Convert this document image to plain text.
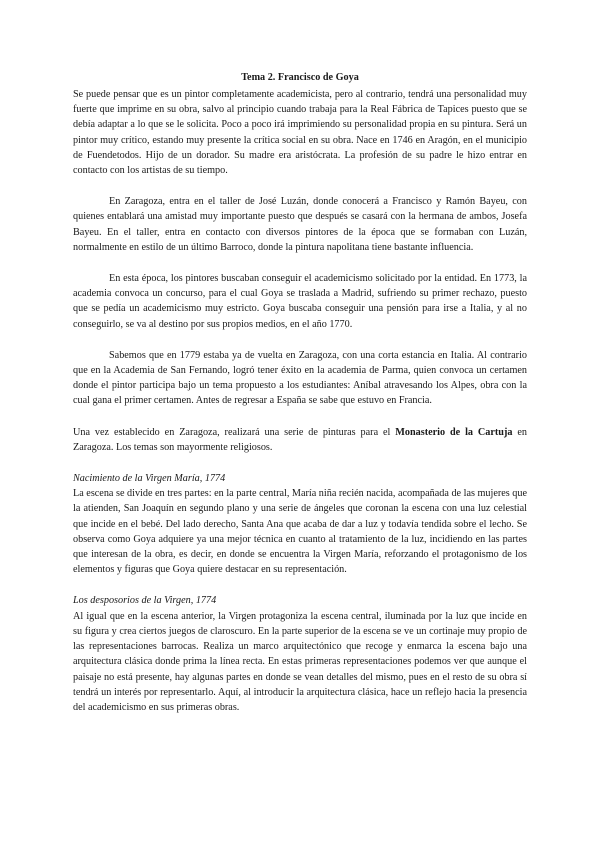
Tema 2. Francisco de Goya

Se puede pensar que es un pintor completamente academicista, pero al contrario, tendrá una personalidad muy fuerte que imprime en su obra, salvo al principio cuando trabaja para la Real Fábrica de Tapices puesto que se debía adaptar a lo que se le solicita. Poco a poco irá imprimiendo su personalidad propia en su pintura. Será un pintor muy crítico, estando muy presente la crítica social en su obra. Nace en 1746 en Aragón, en el municipio de Fuendetodos. Hijo de un dorador. Su madre era aristócrata. La profesión de su padre le hizo entrar en contacto con los artistas de su tiempo.

En Zaragoza, entra en el taller de José Luzán, donde conocerá a Francisco y Ramón Bayeu, con quienes entablará una amistad muy importante puesto que después se casará con la hermana de ambos, Josefa Bayeu. En el taller, entra en contacto con diversos pintores de la época que se formaban con Luzán, normalmente en estilo de un último Barroco, donde la pintura napolitana tiene bastante influencia.

En esta época, los pintores buscaban conseguir el academicismo solicitado por la entidad. En 1773, la academia convoca un concurso, para el cual Goya se traslada a Madrid, sufriendo su primer rechazo, puesto que se pedía un academicismo muy estricto. Goya buscaba conseguir una pensión para irse a Italia, y al no conseguirlo, se va al destino por sus propios medios, en el año 1770.

Sabemos que en 1779 estaba ya de vuelta en Zaragoza, con una corta estancia en Italia. Al contrario que en la Academia de San Fernando, logró tener éxito en la academia de Parma, quien convoca un certamen donde el pintor participa bajo un tema propuesto a los estudiantes: Aníbal atravesando los Alpes, obra con la cual gana el primer certamen. Antes de regresar a España se sabe que estuvo en Francia.

Una vez establecido en Zaragoza, realizará una serie de pinturas para el Monasterio de la Cartuja en Zaragoza. Los temas son mayormente religiosos.

Nacimiento de la Virgen María, 1774

La escena se divide en tres partes: en la parte central, María niña recién nacida, acompañada de las mujeres que la atienden, San Joaquín en segundo plano y una serie de ángeles que coronan la escena con una luz celestial que incide en el bebé. Del lado derecho, Santa Ana que acaba de dar a luz y todavía tendida sobre el lecho. Se observa como Goya adquiere ya una mejor técnica en cuanto al tratamiento de la luz, incidiendo en las partes que interesan de la obra, es decir, en donde se encuentra la Virgen María, reforzando el protagonismo de los elementos y figuras que Goya quiere destacar en su representación.

Los desposorios de la Virgen, 1774

Al igual que en la escena anterior, la Virgen protagoniza la escena central, iluminada por la luz que incide en su figura y crea ciertos juegos de claroscuro. En la parte superior de la escena se ve un cortinaje muy propio de las representaciones barrocas. Realiza un marco arquitectónico que recoge y enmarca la escena bajo una arquitectura clásica donde prima la línea recta. En estas primeras representaciones podemos ver que aunque el paisaje no está presente, hay algunas partes en donde se vean detalles del mismo, pues en el resto de su obra sí tendrá un interés por representarlo. Aquí, al introducir la arquitectura clásica, hace un reflejo hacia la presencia del academicismo en sus primeras obras.
